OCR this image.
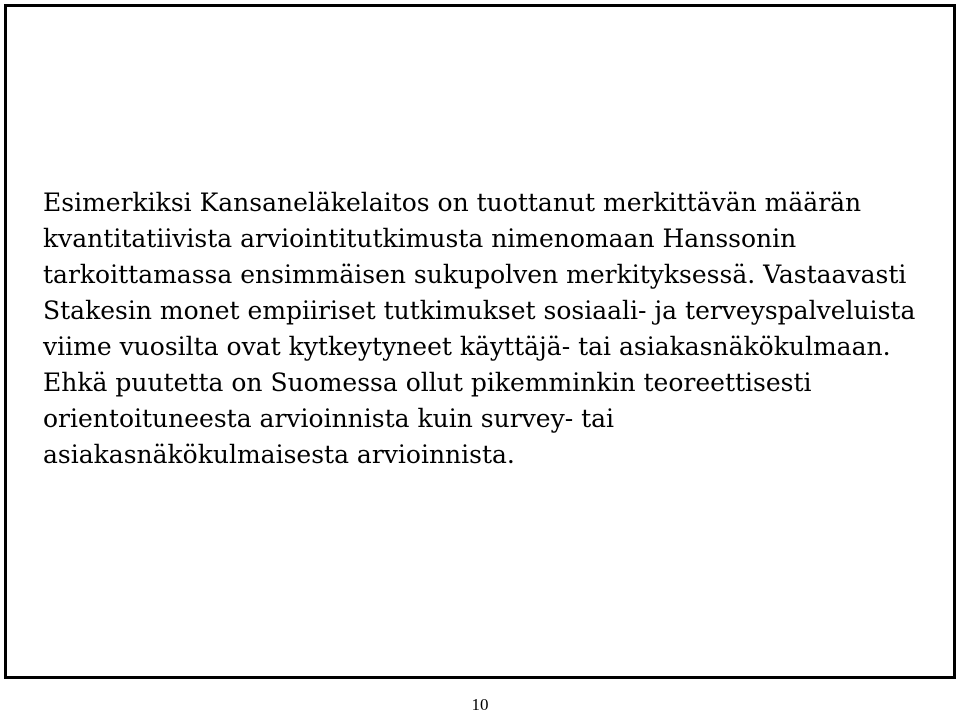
Esimerkiksi Kansaneläkelaitos on tuottanut merkittävän määrän
kvantitatiivista arviointitutkimusta nimenomaan Hanssonin
tarkoittamassa ensimmäisen sukupolven merkityksessä. Vastaavasti
Stakesin monet empiiriset tutkimukset sosiaali- ja terveyspalveluista
viime vuosilta ovat kytkeytyneet käyttäjä- tai asiakasnäkökulmaan.
Ehkä puutetta on Suomessa ollut pikemminkin teoreettisesti
orientoituneesta arvioinnista kuin survey- tai
asiakasnäkökulmaisesta arvioinnista.

10
